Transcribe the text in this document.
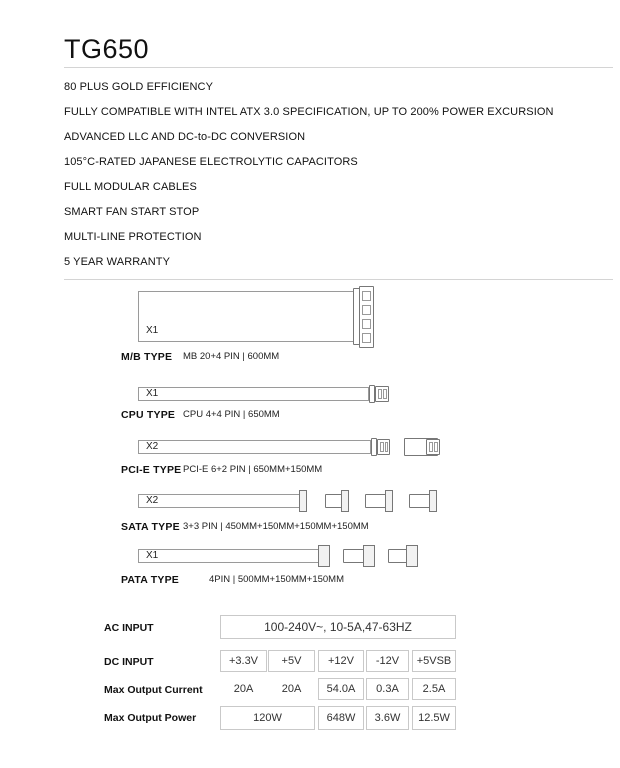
TG650
80 PLUS GOLD EFFICIENCY
FULLY COMPATIBLE WITH INTEL ATX 3.0 SPECIFICATION, UP TO 200% POWER EXCURSION
ADVANCED LLC AND DC-to-DC CONVERSION
105°C-RATED JAPANESE ELECTROLYTIC CAPACITORS
FULL MODULAR CABLES
SMART FAN START STOP
MULTI-LINE PROTECTION
5 YEAR WARRANTY
X1
M/B TYPE MB 20+4 PIN | 600MM
X1
CPU TYPE CPU 4+4 PIN | 650MM
X2
PCI-E TYPE PCI-E 6+2 PIN | 650MM+150MM
X2
SATA TYPE 3+3 PIN | 450MM+150MM+150MM+150MM
X1
PATA TYPE	4PIN | 500MM+150MM+150MM
AC INPUT	100-240V~, 10-5A,47-63HZ
DC INPUT	+3.3V	+5V	+12V	-12V	+5VSB
Max Output Current	20A	20A	54.0A	0.3A	2.5A
Max Output Power	120W	648W	3.6W	12.5W
